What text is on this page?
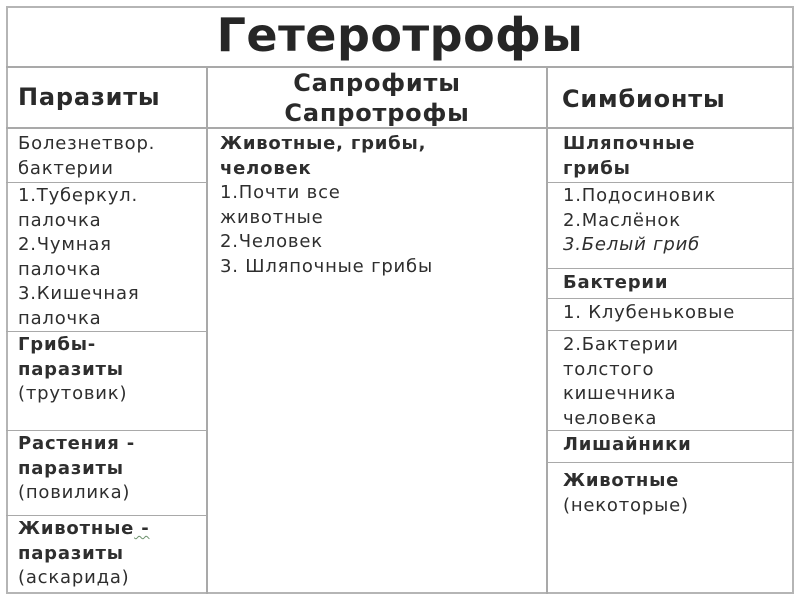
Гетеротрофы
Паразиты	Сапрофиты
Сапротрофы	Симбионты
Болезнетвор.
бактерии
1.Туберкул.
палочка
2.Чумная
палочка
3.Кишечная
палочка
Грибы-
паразиты
(трутовик)
Растения -
паразиты
(повилика)
Животные -
паразиты
(аскарида)
Животные, грибы,
человек
1.Почти все
животные
2.Человек
3. Шляпочные грибы
Шляпочные
грибы
1.Подосиновик
2.Маслёнок
3.Белый гриб
Бактерии
1. Клубеньковые
2.Бактерии
толстого
кишечника
человека
Лишайники
Животные
(некоторые)
